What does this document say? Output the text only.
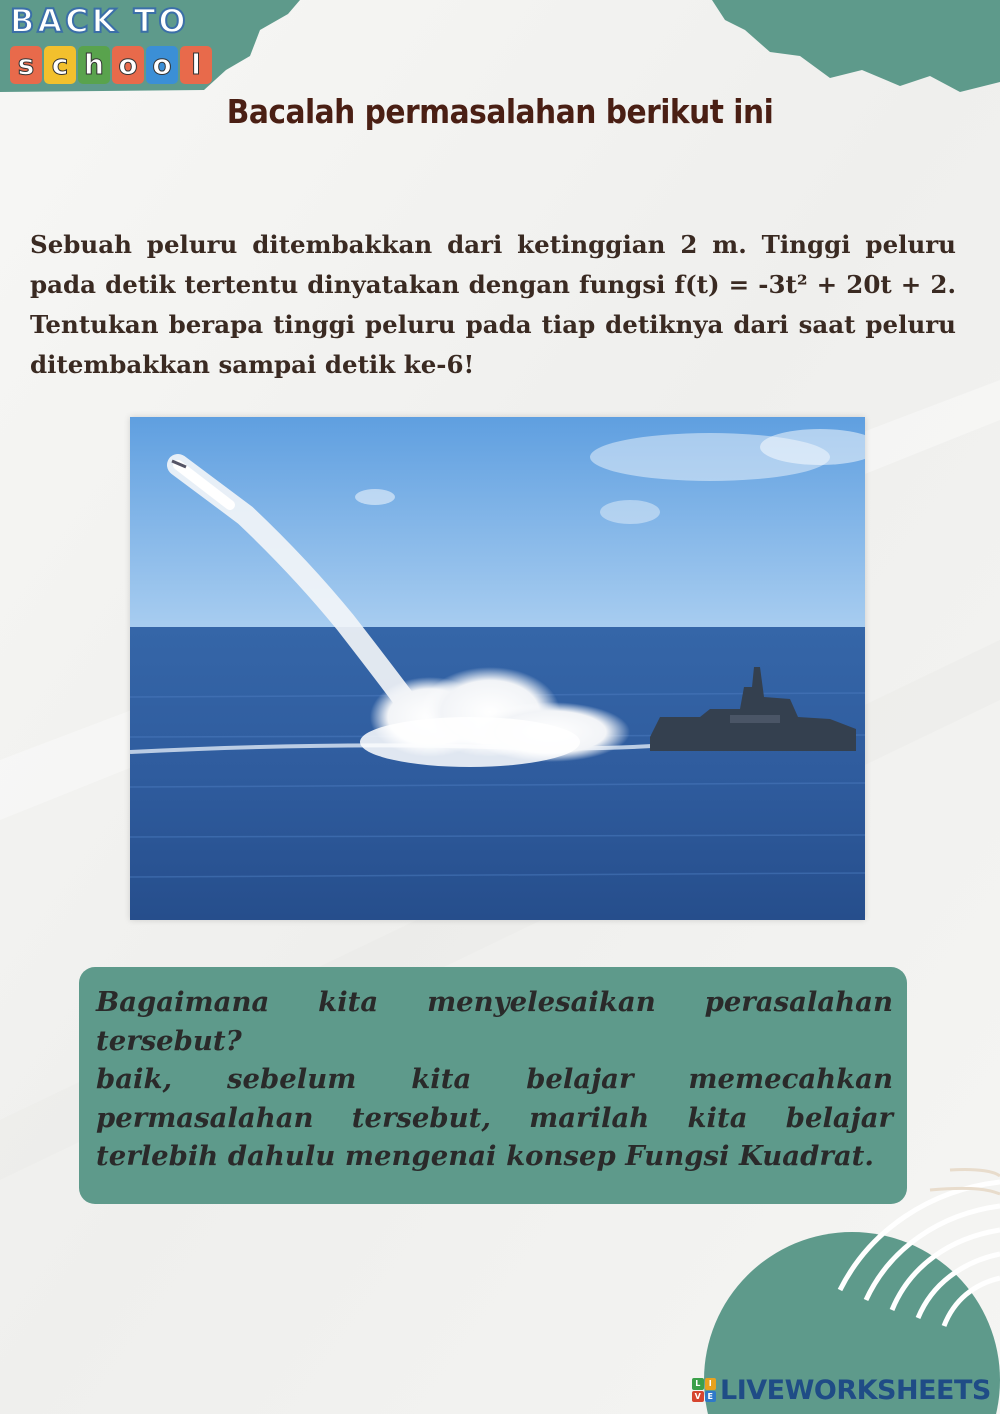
BACK TO
s c h o o l
Bacalah permasalahan berikut ini

Sebuah peluru ditembakkan dari ketinggian 2 m. Tinggi peluru pada detik tertentu dinyatakan dengan fungsi f(t) = -3t² + 20t + 2. Tentukan berapa tinggi peluru pada tiap detiknya dari saat peluru ditembakkan sampai detik ke-6!

Bagaimana kita menyelesaikan perasalahan tersebut?

baik, sebelum kita belajar memecahkan permasalahan tersebut, marilah kita belajar terlebih dahulu mengenai konsep Fungsi Kuadrat.

L	I
V E LIVEWORKSHEETS
